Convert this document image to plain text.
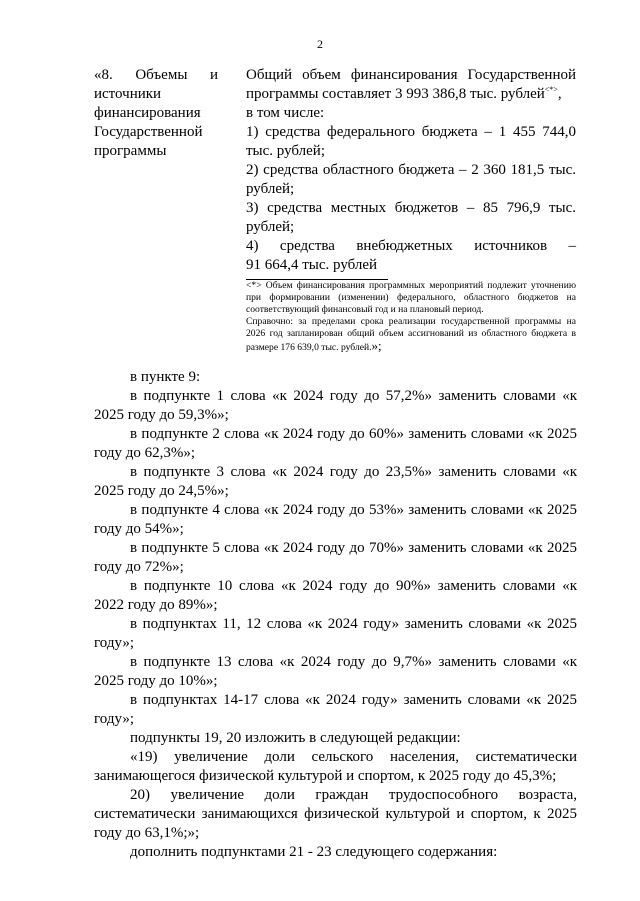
2
«8. Объемы и
источники
финансирования
Государственной
программы

Общий объем финансирования Государственной программы составляет 3 993 386,8 тыс. рублей<*>,

в том числе:

1) средства федерального бюджета – 1 455 744,0 тыс. рублей;

2) средства областного бюджета – 2 360 181,5 тыс. рублей;

3) средства местных бюджетов – 85 796,9 тыс. рублей;

4) средства внебюджетных источников –

91 664,4 тыс. рублей

<*> Объем финансирования программных мероприятий подлежит уточнению при формировании (изменении) федерального, областного бюджетов на соответствующий финансовый год и на плановый период.

Справочно: за пределами срока реализации государственной программы на 2026 год запланирован общий объем ассигнований из областного бюджета в размере 176 639,0 тыс. рублей.»;

в пункте 9:

в подпункте 1 слова «к 2024 году до 57,2%» заменить словами «к 2025 году до 59,3%»;

в подпункте 2 слова «к 2024 году до 60%» заменить словами «к 2025 году до 62,3%»;

в подпункте 3 слова «к 2024 году до 23,5%» заменить словами «к 2025 году до 24,5%»;

в подпункте 4 слова «к 2024 году до 53%» заменить словами «к 2025 году до 54%»;

в подпункте 5 слова «к 2024 году до 70%» заменить словами «к 2025 году до 72%»;

в подпункте 10 слова «к 2024 году до 90%» заменить словами «к 2022 году до 89%»;

в подпунктах 11, 12 слова «к 2024 году» заменить словами «к 2025 году»;

в подпункте 13 слова «к 2024 году до 9,7%» заменить словами «к 2025 году до 10%»;

в подпунктах 14-17 слова «к 2024 году» заменить словами «к 2025 году»;

подпункты 19, 20 изложить в следующей редакции:

«19) увеличение доли сельского населения, систематически занимающегося физической культурой и спортом, к 2025 году до 45,3%;

20) увеличение доли граждан трудоспособного возраста, систематически занимающихся физической культурой и спортом, к 2025 году до 63,1%;»;

дополнить подпунктами 21 - 23 следующего содержания:
